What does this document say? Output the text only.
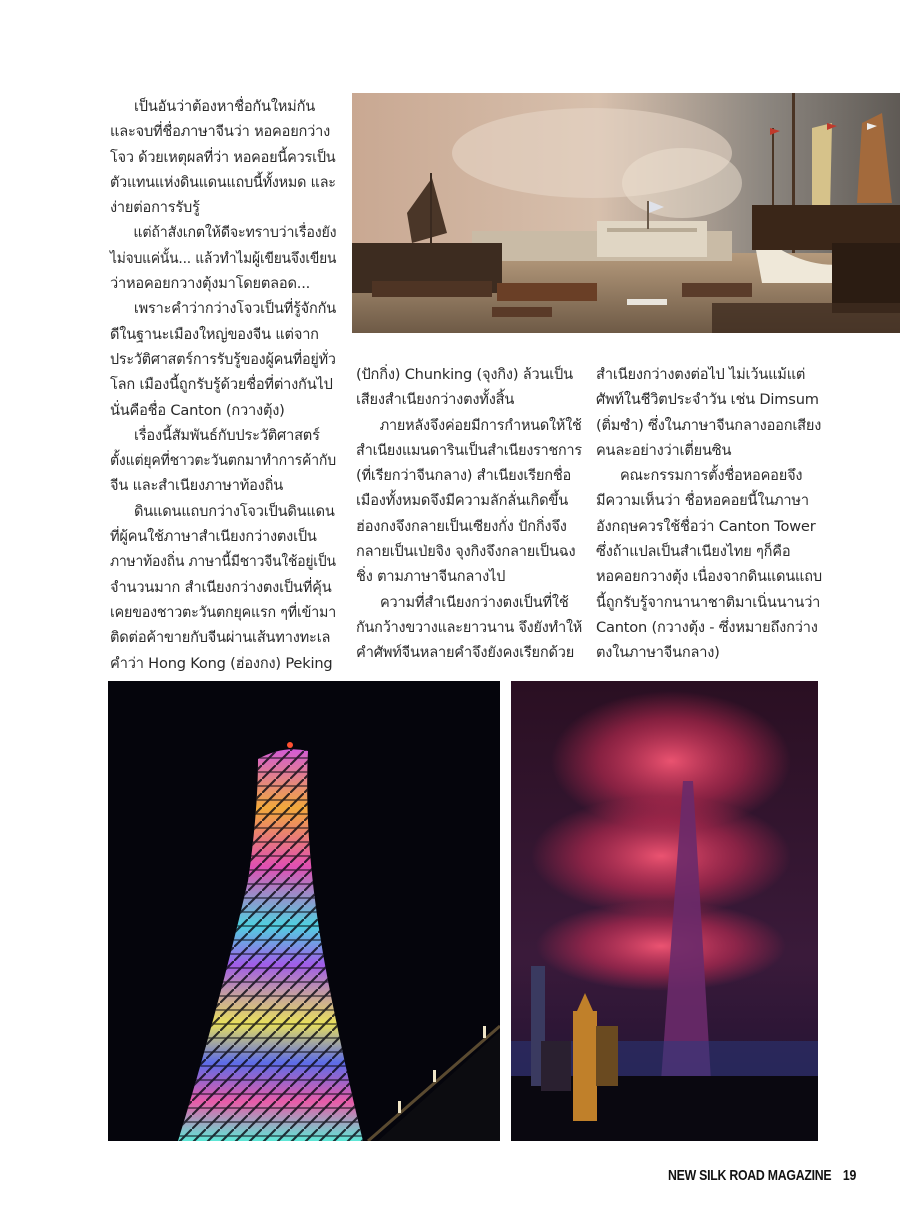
เป็นอันว่าต้องหาชื่อกันใหม่กัน
และจบที่ชื่อภาษาจีนว่า หอคอยกว่าง
โจว ด้วยเหตุผลที่ว่า หอคอยนี้ควรเป็น
ตัวแทนแห่งดินแดนแถบนี้ทั้งหมด และ
ง่ายต่อการรับรู้
แต่ถ้าสังเกตให้ดีจะทราบว่าเรื่องยัง
ไม่จบแค่นั้น... แล้วทำไมผู้เขียนจึงเขียน
ว่าหอคอยกวางตุ้งมาโดยตลอด...
เพราะคำว่ากว่างโจวเป็นที่รู้จักกัน
ดีในฐานะเมืองใหญ่ของจีน แต่จาก
ประวัติศาสตร์การรับรู้ของผู้คนที่อยู่ทั่ว
โลก เมืองนี้ถูกรับรู้ด้วยชื่อที่ต่างกันไป
นั่นคือชื่อ Canton (กวางตุ้ง)
เรื่องนี้สัมพันธ์กับประวัติศาสตร์
ตั้งแต่ยุคที่ชาวตะวันตกมาทำการค้ากับ
จีน และสำเนียงภาษาท้องถิ่น
ดินแดนแถบกว่างโจวเป็นดินแดน
ที่ผู้คนใช้ภาษาสำเนียงกว่างตงเป็น
ภาษาท้องถิ่น ภาษานี้มีชาวจีนใช้อยู่เป็น
จำนวนมาก สำเนียงกว่างตงเป็นที่คุ้น
เคยของชาวตะวันตกยุคแรก ๆที่เข้ามา
ติดต่อค้าขายกับจีนผ่านเส้นทางทะเล
คำว่า Hong Kong (ฮ่องกง) Peking
(ปักกิ่ง) Chunking (จุงกิง) ล้วนเป็น
เสียงสำเนียงกว่างตงทั้งสิ้น
ภายหลังจึงค่อยมีการกำหนดให้ใช้
สำเนียงแมนดารินเป็นสำเนียงราชการ
(ที่เรียกว่าจีนกลาง) สำเนียงเรียกชื่อ
เมืองทั้งหมดจึงมีความลักลั่นเกิดขึ้น
ฮ่องกงจึงกลายเป็นเซียงกั่ง ปักกิ่งจึง
กลายเป็นเป่ยจิง จุงกิงจึงกลายเป็นฉง
ชิ่ง ตามภาษาจีนกลางไป
ความที่สำเนียงกว่างตงเป็นที่ใช้
กันกว้างขวางและยาวนาน จึงยังทำให้
คำศัพท์จีนหลายคำจึงยังคงเรียกด้วย
สำเนียงกว่างตงต่อไป ไม่เว้นแม้แต่
ศัพท์ในชีวิตประจำวัน เช่น Dimsum
(ติ่มซำ) ซึ่งในภาษาจีนกลางออกเสียง
คนละอย่างว่าเตี่ยนซิน
คณะกรรมการตั้งชื่อหอคอยจึง
มีความเห็นว่า ชื่อหอคอยนี้ในภาษา
อังกฤษควรใช้ชื่อว่า Canton Tower
ซึ่งถ้าแปลเป็นสำเนียงไทย ๆก็คือ
หอคอยกวางตุ้ง เนื่องจากดินแดนแถบ
นี้ถูกรับรู้จากนานาชาติมาเนิ่นนานว่า
Canton (กวางตุ้ง - ซึ่งหมายถึงกว่าง
ตงในภาษาจีนกลาง)
NEW SILK ROAD MAGAZINE 19
